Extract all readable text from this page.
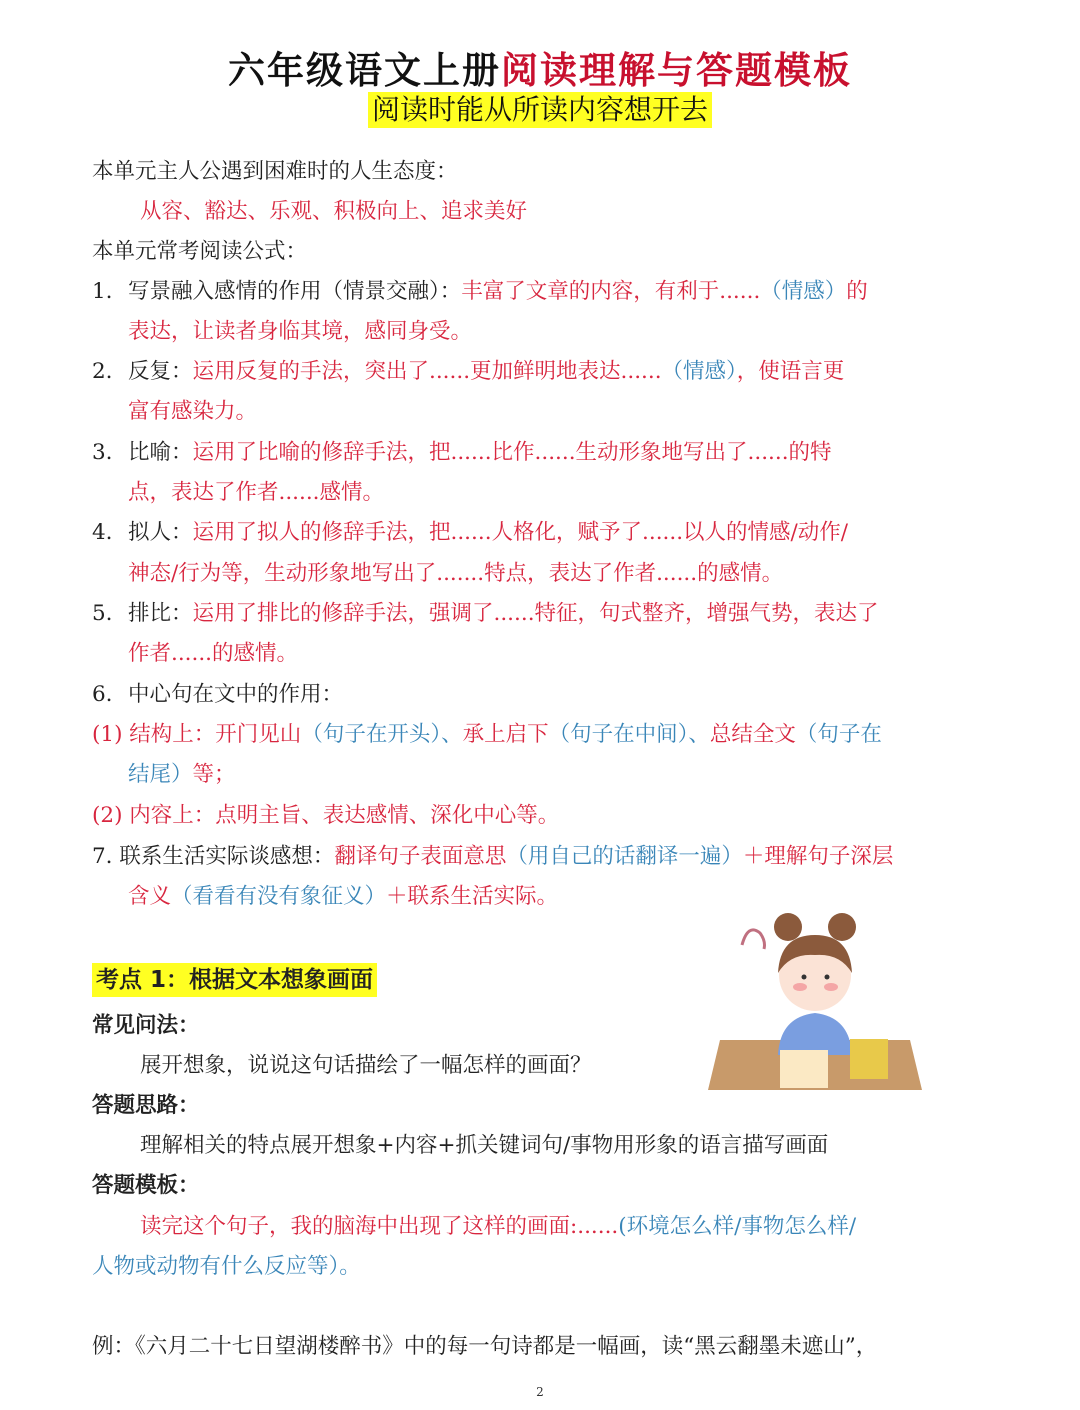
六年级语文上册阅读理解与答题模板
阅读时能从所读内容想开去
本单元主人公遇到困难时的人生态度：
从容、豁达、乐观、积极向上、追求美好
本单元常考阅读公式：
1. 写景融入感情的作用（情景交融）：丰富了文章的内容，有利于......（情感）的
表达，让读者身临其境，感同身受。
2. 反复：运用反复的手法，突出了......更加鲜明地表达......（情感），使语言更
富有感染力。
3. 比喻：运用了比喻的修辞手法，把......比作......生动形象地写出了......的特
点，表达了作者......感情。
4. 拟人：运用了拟人的修辞手法，把......人格化，赋予了......以人的情感/动作/
神态/行为等，生动形象地写出了.......特点，表达了作者......的感情。
5. 排比：运用了排比的修辞手法，强调了......特征，句式整齐，增强气势，表达了
作者......的感情。
6. 中心句在文中的作用：
(1) 结构上：开门见山（句子在开头）、承上启下（句子在中间）、总结全文（句子在
结尾）等；
(2) 内容上：点明主旨、表达感情、深化中心等。
7. 联系生活实际谈感想：翻译句子表面意思（用自己的话翻译一遍）＋理解句子深层
含义（看看有没有象征义）＋联系生活实际。
考点 1：根据文本想象画面
常见问法：
展开想象，说说这句话描绘了一幅怎样的画面？
答题思路：
理解相关的特点展开想象+内容+抓关键词句/事物用形象的语言描写画面
答题模板：
读完这个句子，我的脑海中出现了这样的画面:......(环境怎么样/事物怎么样/
人物或动物有什么反应等）。
例：《六月二十七日望湖楼醉书》中的每一句诗都是一幅画，读“黑云翻墨未遮山”，
2
